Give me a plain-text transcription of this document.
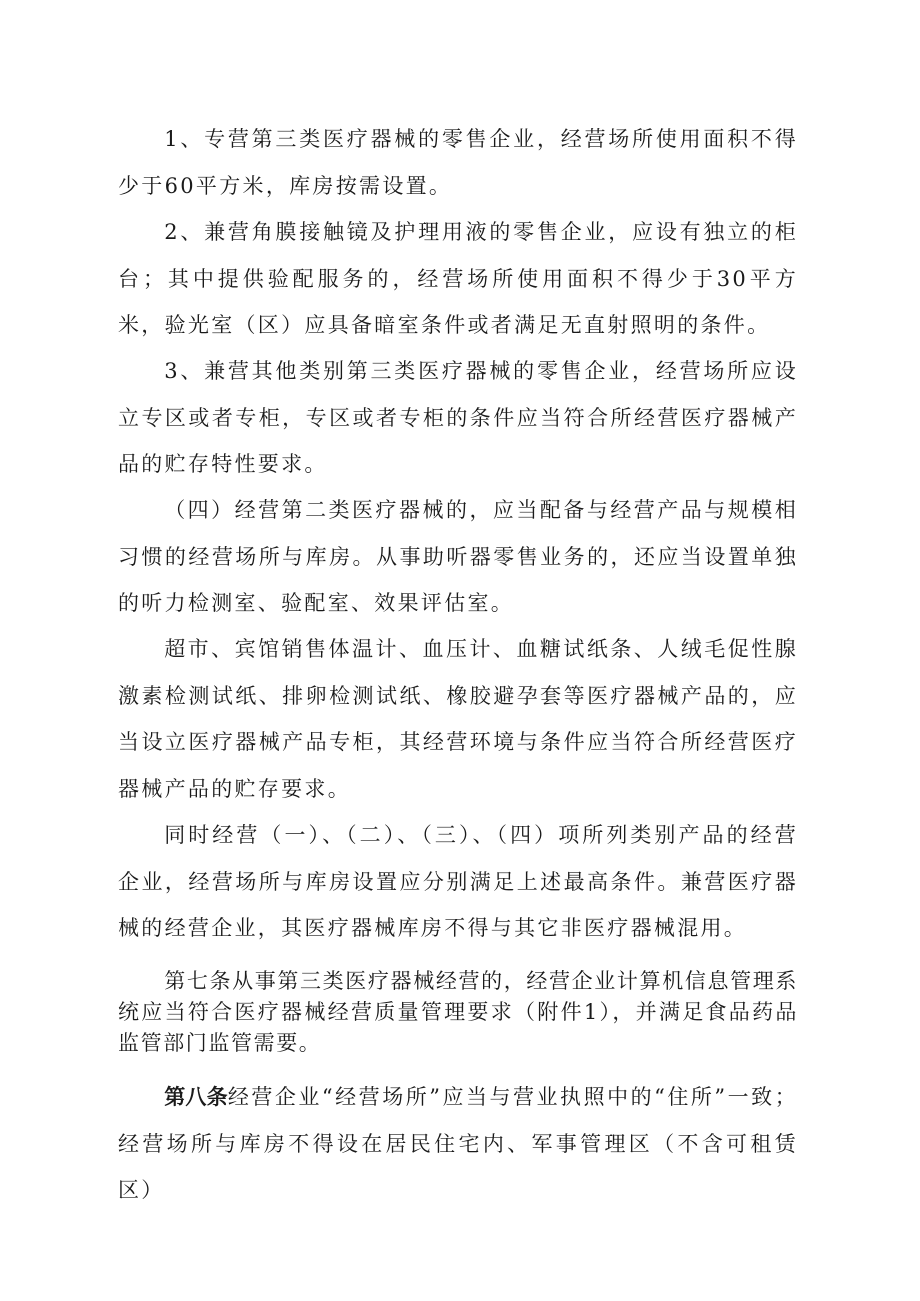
1、专营第三类医疗器械的零售企业，经营场所使用面积不得少于60平方米，库房按需设置。

2、兼营角膜接触镜及护理用液的零售企业，应设有独立的柜台；其中提供验配服务的，经营场所使用面积不得少于30平方米，验光室（区）应具备暗室条件或者满足无直射照明的条件。

3、兼营其他类别第三类医疗器械的零售企业，经营场所应设立专区或者专柜，专区或者专柜的条件应当符合所经营医疗器械产品的贮存特性要求。

（四）经营第二类医疗器械的，应当配备与经营产品与规模相习惯的经营场所与库房。从事助听器零售业务的，还应当设置单独的听力检测室、验配室、效果评估室。

超市、宾馆销售体温计、血压计、血糖试纸条、人绒毛促性腺激素检测试纸、排卵检测试纸、橡胶避孕套等医疗器械产品的，应当设立医疗器械产品专柜，其经营环境与条件应当符合所经营医疗器械产品的贮存要求。

同时经营（一）、（二）、（三）、（四）项所列类别产品的经营企业，经营场所与库房设置应分别满足上述最高条件。兼营医疗器械的经营企业，其医疗器械库房不得与其它非医疗器械混用。

第七条从事第三类医疗器械经营的，经营企业计算机信息管理系统应当符合医疗器械经营质量管理要求（附件1），并满足食品药品监管部门监管需要。

第八条经营企业“经营场所”应当与营业执照中的“住所”一致；经营场所与库房不得设在居民住宅内、军事管理区（不含可租赁区）
